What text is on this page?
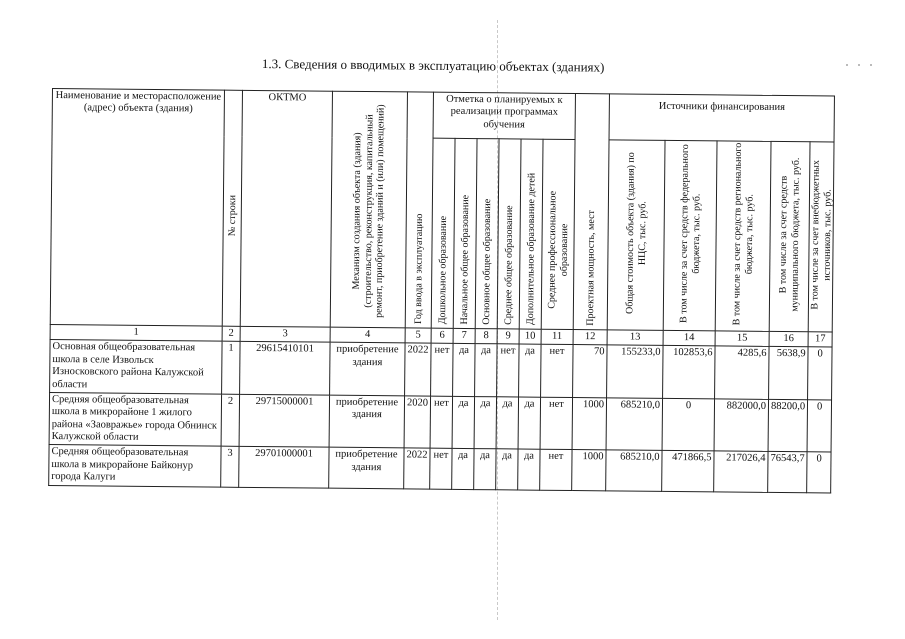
1.3. Сведения о вводимых в эксплуатацию объектах (зданиях)
Наименование и месторасположение (адрес) объекта (здания)	№ строки	ОКТМО	Механизм создания объекта (здания) (строительство, реконструкция, капитальный ремонт, приобретение зданий и (или) помещений)	Год ввода в эксплуатацию	Отметка о планируемых к реализации программах обучения						Проектная мощность, мест	Источники финансирования				

					Дошкольное образование	Начальное общее образование	Основное общее образование	Среднее общее образование	Дополнительное образование детей	Среднее профессиональное образование		Общая стоимость объекта (здания) по НЦС, тыс. руб.	В том числе за счет средств федерального бюджета, тыс. руб.	В том числе за счет средств регионального бюджета, тыс. руб.	В том числе за счет средств муниципального бюджета, тыс. руб.	В том числе за счет внебюджетных источников, тыс. руб.

1	2	3	4	5	6	7	8	9	10	11	12	13	14	15	16	17
Основная общеобразовательная школа в селе Извольск Износковского района Калужской области	1	29615410101	приобретение здания	2022	нет	да	да	нет	да	нет	70	155233,0	102853,6	4285,6	5638,9	0
Средняя общеобразовательная школа в микрорайоне 1 жилого района «Заовражье» города Обнинск Калужской области	2	29715000001	приобретение здания	2020	нет	да	да	да	да	нет	1000	685210,0	0	882000,0	88200,0	0
Средняя общеобразовательная школа в микрорайоне Байконур города Калуги	3	29701000001	приобретение здания	2022	нет	да	да	да	да	нет	1000	685210,0	471866,5	217026,4	76543,7	0
